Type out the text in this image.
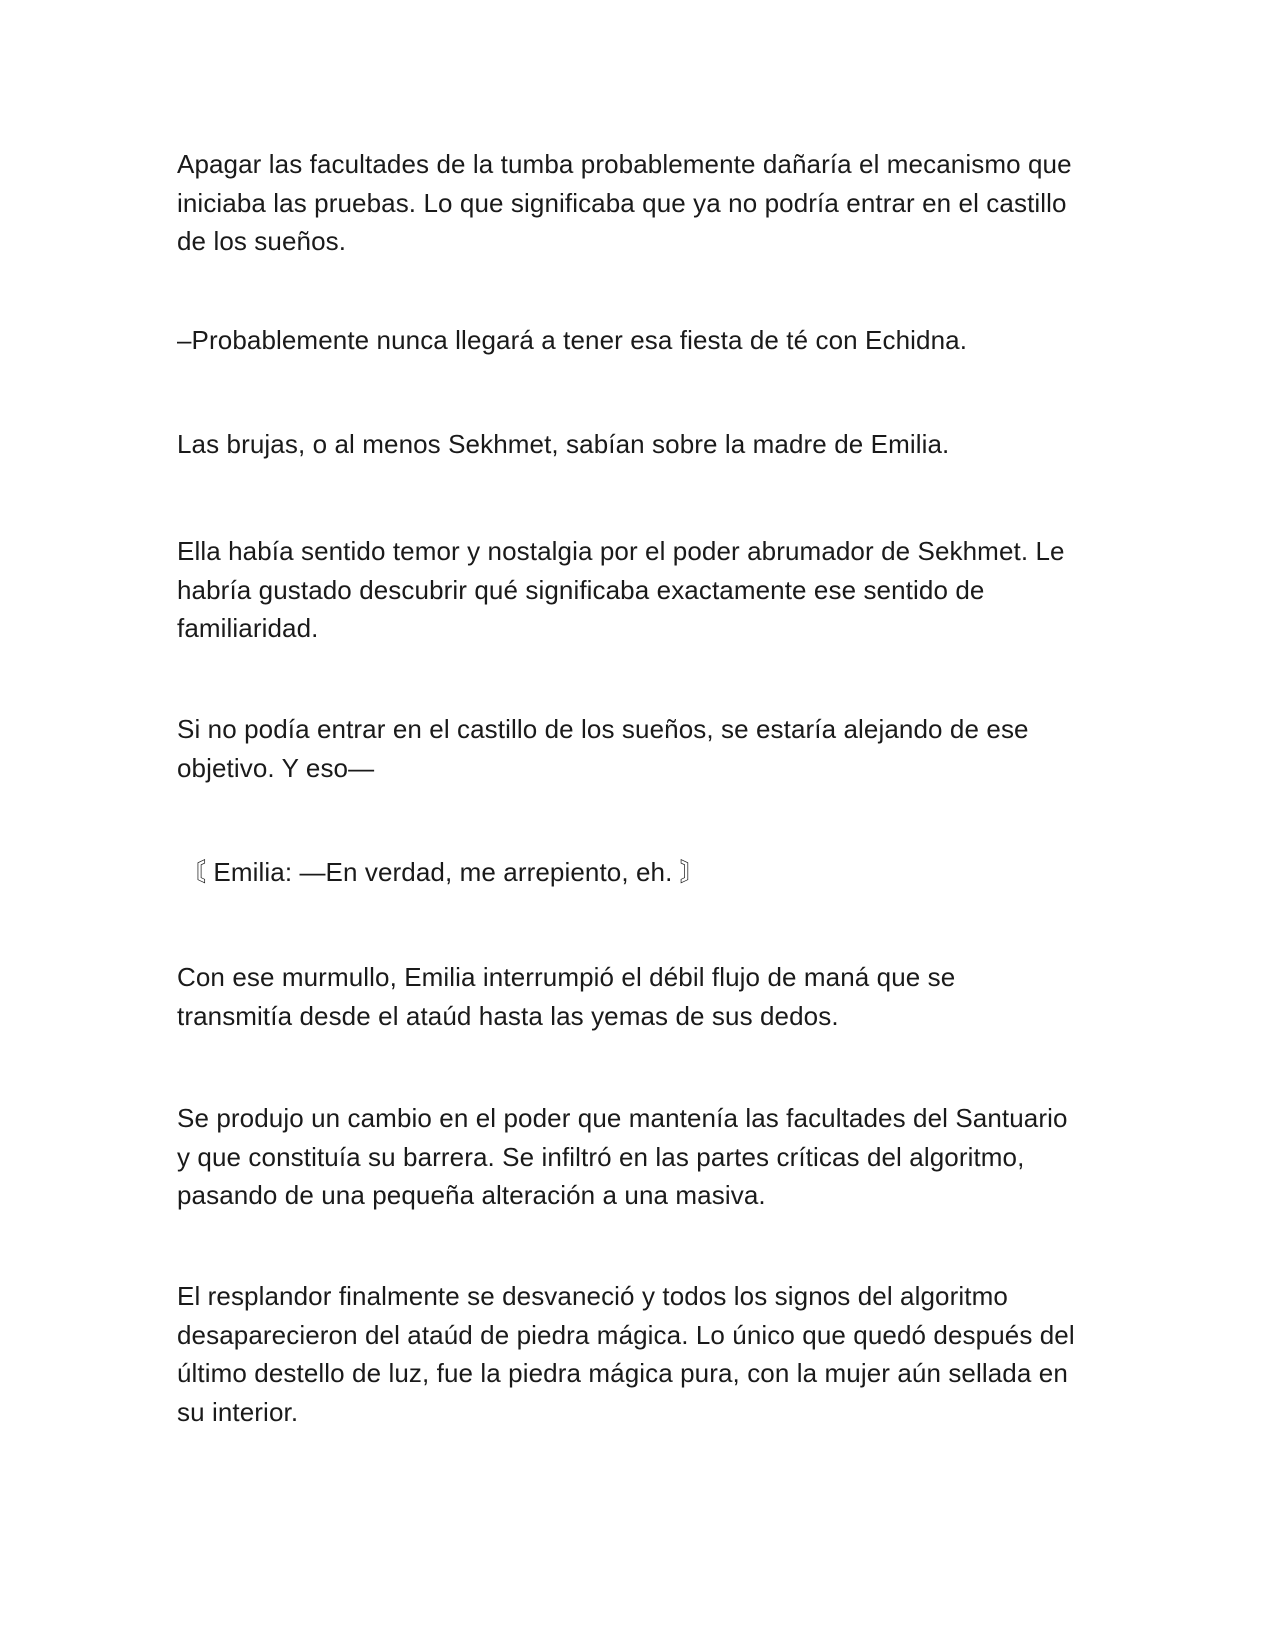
Apagar las facultades de la tumba probablemente dañaría el mecanismo que
iniciaba las pruebas. Lo que significaba que ya no podría entrar en el castillo
de los sueños.

–Probablemente nunca llegará a tener esa fiesta de té con Echidna.

Las brujas, o al menos Sekhmet, sabían sobre la madre de Emilia.

Ella había sentido temor y nostalgia por el poder abrumador de Sekhmet. Le
habría gustado descubrir qué significaba exactamente ese sentido de
familiaridad.

Si no podía entrar en el castillo de los sueños, se estaría alejando de ese
objetivo. Y eso—

〘 Emilia: —En verdad, me arrepiento, eh. 〙

Con ese murmullo, Emilia interrumpió el débil flujo de maná que se
transmitía desde el ataúd hasta las yemas de sus dedos.

Se produjo un cambio en el poder que mantenía las facultades del Santuario
y que constituía su barrera. Se infiltró en las partes críticas del algoritmo,
pasando de una pequeña alteración a una masiva.

El resplandor finalmente se desvaneció y todos los signos del algoritmo
desaparecieron del ataúd de piedra mágica. Lo único que quedó después del
último destello de luz, fue la piedra mágica pura, con la mujer aún sellada en
su interior.
